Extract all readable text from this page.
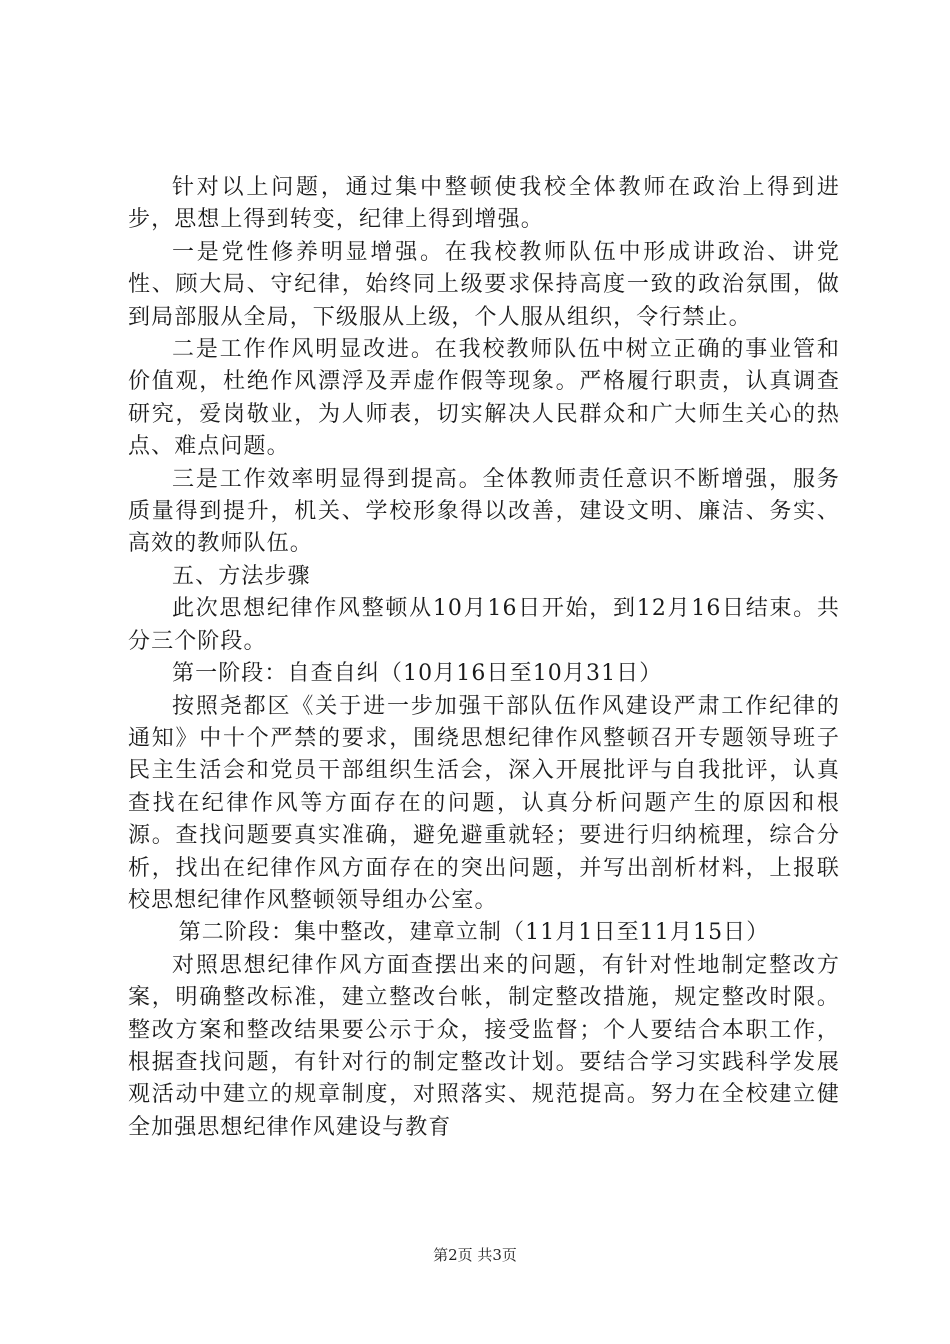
针对以上问题，通过集中整顿使我校全体教师在政治上得到进步，思想上得到转变，纪律上得到增强。

一是党性修养明显增强。在我校教师队伍中形成讲政治、讲党性、顾大局、守纪律，始终同上级要求保持高度一致的政治氛围，做到局部服从全局，下级服从上级，个人服从组织，令行禁止。

二是工作作风明显改进。在我校教师队伍中树立正确的事业管和价值观，杜绝作风漂浮及弄虚作假等现象。严格履行职责，认真调查研究，爱岗敬业，为人师表，切实解决人民群众和广大师生关心的热点、难点问题。

三是工作效率明显得到提高。全体教师责任意识不断增强，服务质量得到提升，机关、学校形象得以改善，建设文明、廉洁、务实、高效的教师队伍。

五、方法步骤

此次思想纪律作风整顿从10月16日开始，到12月16日结束。共分三个阶段。

第一阶段：自查自纠（10月16日至10月31日）

按照尧都区《关于进一步加强干部队伍作风建设严肃工作纪律的通知》中十个严禁的要求，围绕思想纪律作风整顿召开专题领导班子民主生活会和党员干部组织生活会，深入开展批评与自我批评，认真查找在纪律作风等方面存在的问题，认真分析问题产生的原因和根源。查找问题要真实准确，避免避重就轻；要进行归纳梳理，综合分析，找出在纪律作风方面存在的突出问题，并写出剖析材料，上报联校思想纪律作风整顿领导组办公室。

第二阶段：集中整改，建章立制（11月1日至11月15日）

对照思想纪律作风方面查摆出来的问题，有针对性地制定整改方案，明确整改标准，建立整改台帐，制定整改措施，规定整改时限。整改方案和整改结果要公示于众，接受监督；个人要结合本职工作，根据查找问题，有针对行的制定整改计划。要结合学习实践科学发展观活动中建立的规章制度，对照落实、规范提高。努力在全校建立健全加强思想纪律作风建设与教育

第2页 共3页
